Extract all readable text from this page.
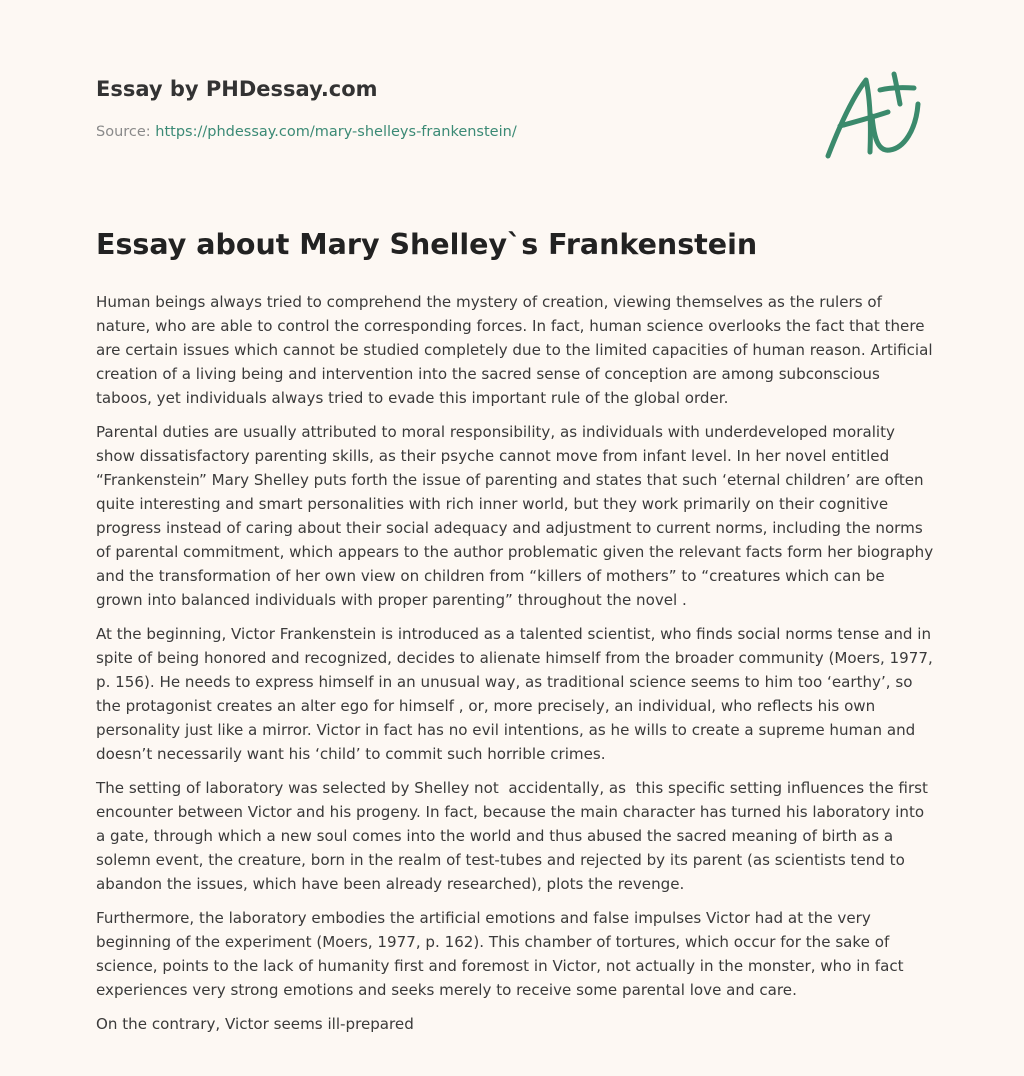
Essay by PHDessay.com
Source: https://phdessay.com/mary-shelleys-frankenstein/
Essay about Mary Shelley`s Frankenstein

Human beings always tried to comprehend the mystery of creation, viewing themselves as the rulers of nature, who are able to control the corresponding forces. In fact, human science overlooks the fact that there are certain issues which cannot be studied completely due to the limited capacities of human reason. Artificial creation of a living being and intervention into the sacred sense of conception are among subconscious taboos, yet individuals always tried to evade this important rule of the global order.

Parental duties are usually attributed to moral responsibility, as individuals with underdeveloped morality show dissatisfactory parenting skills, as their psyche cannot move from infant level. In her novel entitled “Frankenstein” Mary Shelley puts forth the issue of parenting and states that such ‘eternal children’ are often quite interesting and smart personalities with rich inner world, but they work primarily on their cognitive progress instead of caring about their social adequacy and adjustment to current norms, including the norms of parental commitment, which appears to the author problematic given the relevant facts form her biography and the transformation of her own view on children from “killers of mothers” to “creatures which can be grown into balanced individuals with proper parenting” throughout the novel .

At the beginning, Victor Frankenstein is introduced as a talented scientist, who finds social norms tense and in spite of being honored and recognized, decides to alienate himself from the broader community (Moers, 1977, p. 156). He needs to express himself in an unusual way, as traditional science seems to him too ‘earthy’, so the protagonist creates an alter ego for himself , or, more precisely, an individual, who reflects his own personality just like a mirror. Victor in fact has no evil intentions, as he wills to create a supreme human and doesn’t necessarily want his ‘child’ to commit such horrible crimes.

The setting of laboratory was selected by Shelley not  accidentally, as  this specific setting influences the first encounter between Victor and his progeny. In fact, because the main character has turned his laboratory into a gate, through which a new soul comes into the world and thus abused the sacred meaning of birth as a solemn event, the creature, born in the realm of test-tubes and rejected by its parent (as scientists tend to abandon the issues, which have been already researched), plots the revenge.

Furthermore, the laboratory embodies the artificial emotions and false impulses Victor had at the very beginning of the experiment (Moers, 1977, p. 162). This chamber of tortures, which occur for the sake of science, points to the lack of humanity first and foremost in Victor, not actually in the monster, who in fact experiences very strong emotions and seeks merely to receive some parental love and care.

On the contrary, Victor seems ill-prepared
